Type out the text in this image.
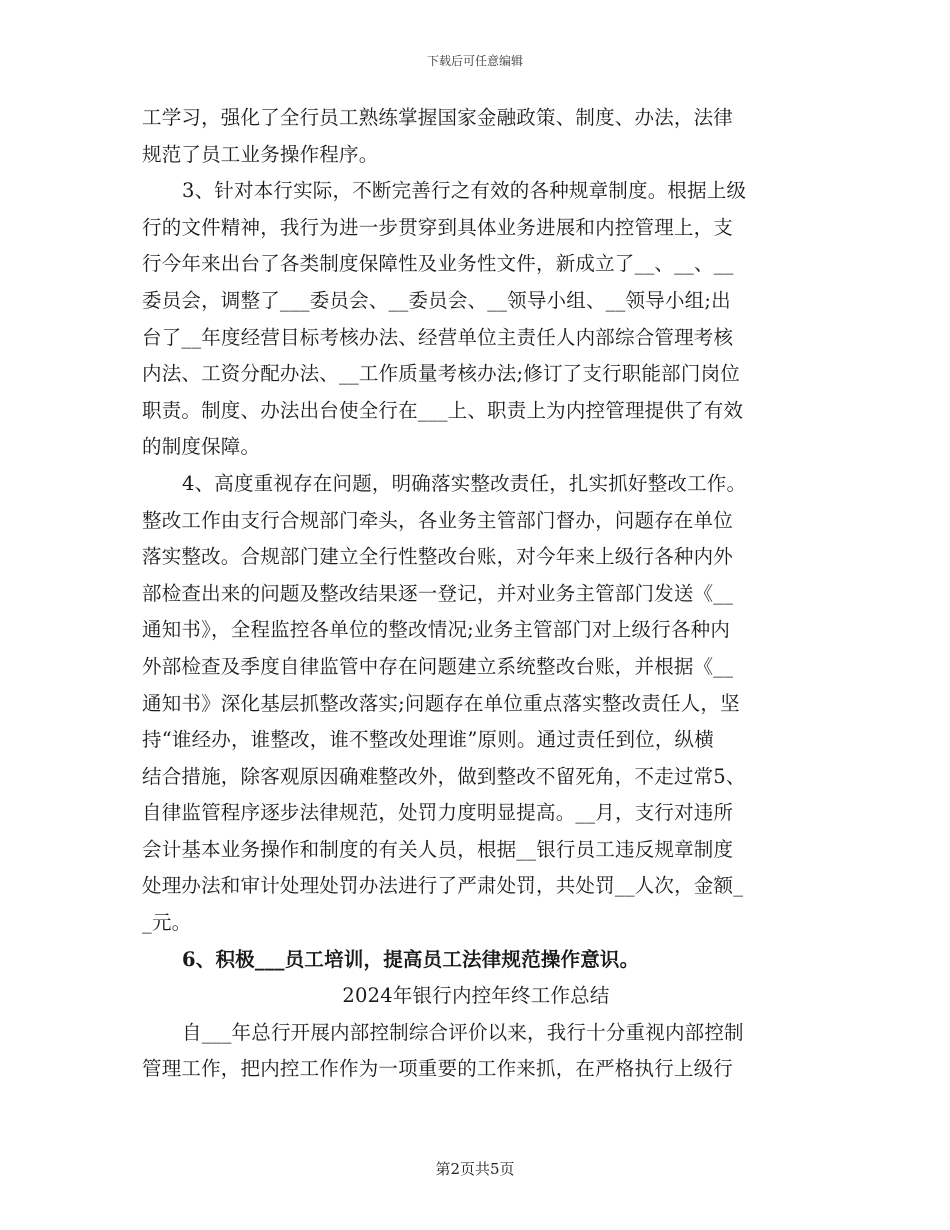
下载后可任意编辑
工学习，强化了全行员工熟练掌握国家金融政策、制度、办法，法律
规范了员工业务操作程序。
3、针对本行实际，不断完善行之有效的各种规章制度。根据上级
行的文件精神，我行为进一步贯穿到具体业务进展和内控管理上，支
行今年来出台了各类制度保障性及业务性文件，新成立了__、__、__
委员会，调整了___委员会、__委员会、__领导小组、__领导小组;出
台了__年度经营目标考核办法、经营单位主责任人内部综合管理考核
内法、工资分配办法、__工作质量考核办法;修订了支行职能部门岗位
职责。制度、办法出台使全行在___上、职责上为内控管理提供了有效
的制度保障。
4、高度重视存在问题，明确落实整改责任，扎实抓好整改工作。
整改工作由支行合规部门牵头，各业务主管部门督办，问题存在单位
落实整改。合规部门建立全行性整改台账，对今年来上级行各种内外
部检查出来的问题及整改结果逐一登记，并对业务主管部门发送《__
通知书》，全程监控各单位的整改情况;业务主管部门对上级行各种内
外部检查及季度自律监管中存在问题建立系统整改台账，并根据《__
通知书》深化基层抓整改落实;问题存在单位重点落实整改责任人，坚
持“谁经办，谁整改，谁不整改处理谁”原则。通过责任到位，纵横
结合措施，除客观原因确难整改外，做到整改不留死角，不走过常5、
自律监管程序逐步法律规范，处罚力度明显提高。__月，支行对违所
会计基本业务操作和制度的有关人员，根据__银行员工违反规章制度
处理办法和审计处理处罚办法进行了严肃处罚，共处罚__人次，金额_
_元。
6、积极___员工培训，提高员工法律规范操作意识。
2024年银行内控年终工作总结
自___年总行开展内部控制综合评价以来，我行十分重视内部控制
管理工作，把内控工作作为一项重要的工作来抓，在严格执行上级行
第2页共5页
